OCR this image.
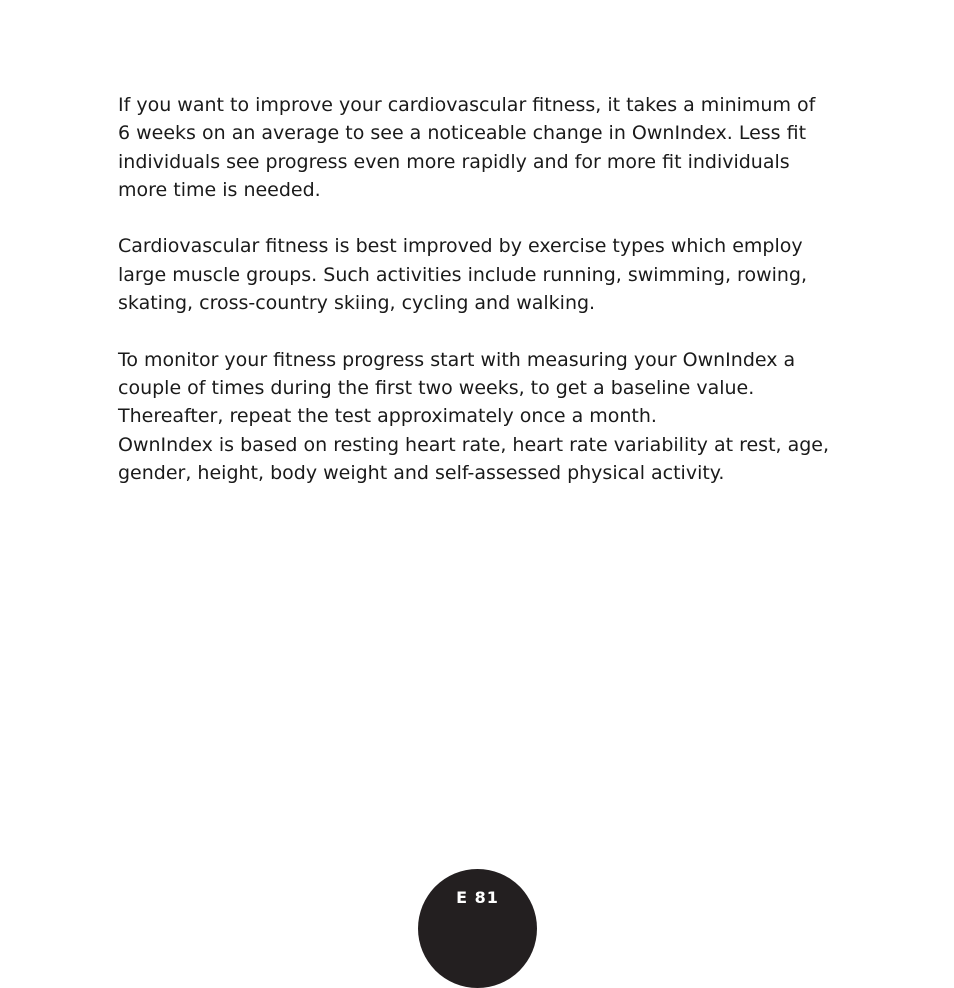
If you want to improve your cardiovascular fitness, it takes a minimum of
6 weeks on an average to see a noticeable change in OwnIndex. Less fit
individuals see progress even more rapidly and for more fit individuals
more time is needed.

Cardiovascular fitness is best improved by exercise types which employ
large muscle groups. Such activities include running, swimming, rowing,
skating, cross-country skiing, cycling and walking.

To monitor your fitness progress start with measuring your OwnIndex a
couple of times during the first two weeks, to get a baseline value.
Thereafter, repeat the test approximately once a month.
OwnIndex is based on resting heart rate, heart rate variability at rest, age,
gender, height, body weight and self-assessed physical activity.

E 81
